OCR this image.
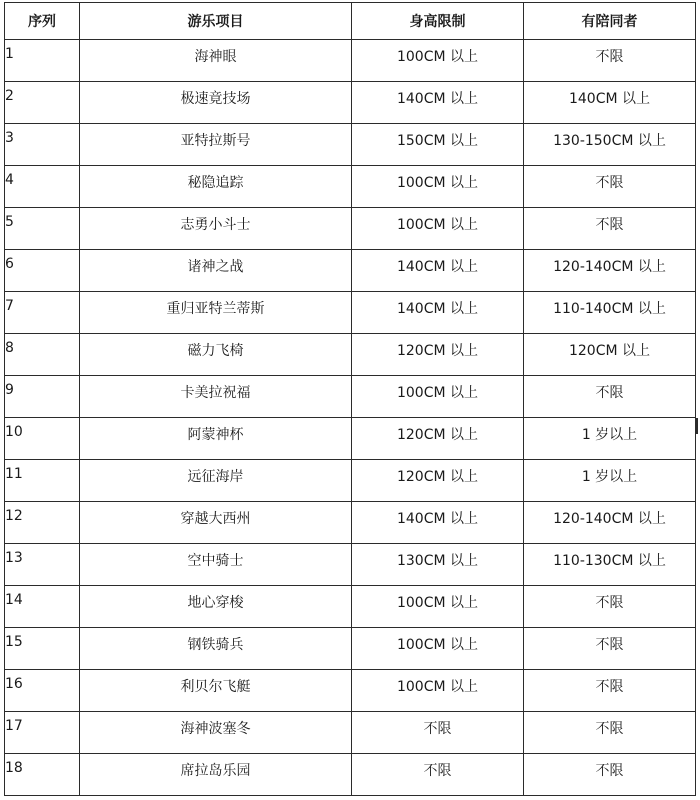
序列	游乐项目	身高限制	有陪同者
1	海神眼	100CM 以上	不限
2	极速竟技场	140CM 以上	140CM 以上
3	亚特拉斯号	150CM 以上	130-150CM 以上
4	秘隐追踪	100CM 以上	不限
5	志勇小斗士	100CM 以上	不限
6	诸神之战	140CM 以上	120-140CM 以上
7	重归亚特兰蒂斯	140CM 以上	110-140CM 以上
8	磁力飞椅	120CM 以上	120CM 以上
9	卡美拉祝福	100CM 以上	不限
10	阿蒙神杯	120CM 以上	1 岁以上
11	远征海岸	120CM 以上	1 岁以上
12	穿越大西州	140CM 以上	120-140CM 以上
13	空中骑士	130CM 以上	110-130CM 以上
14	地心穿梭	100CM 以上	不限
15	钢铁骑兵	100CM 以上	不限
16	利贝尔飞艇	100CM 以上	不限
17	海神波塞冬	不限	不限
18	席拉岛乐园	不限	不限
